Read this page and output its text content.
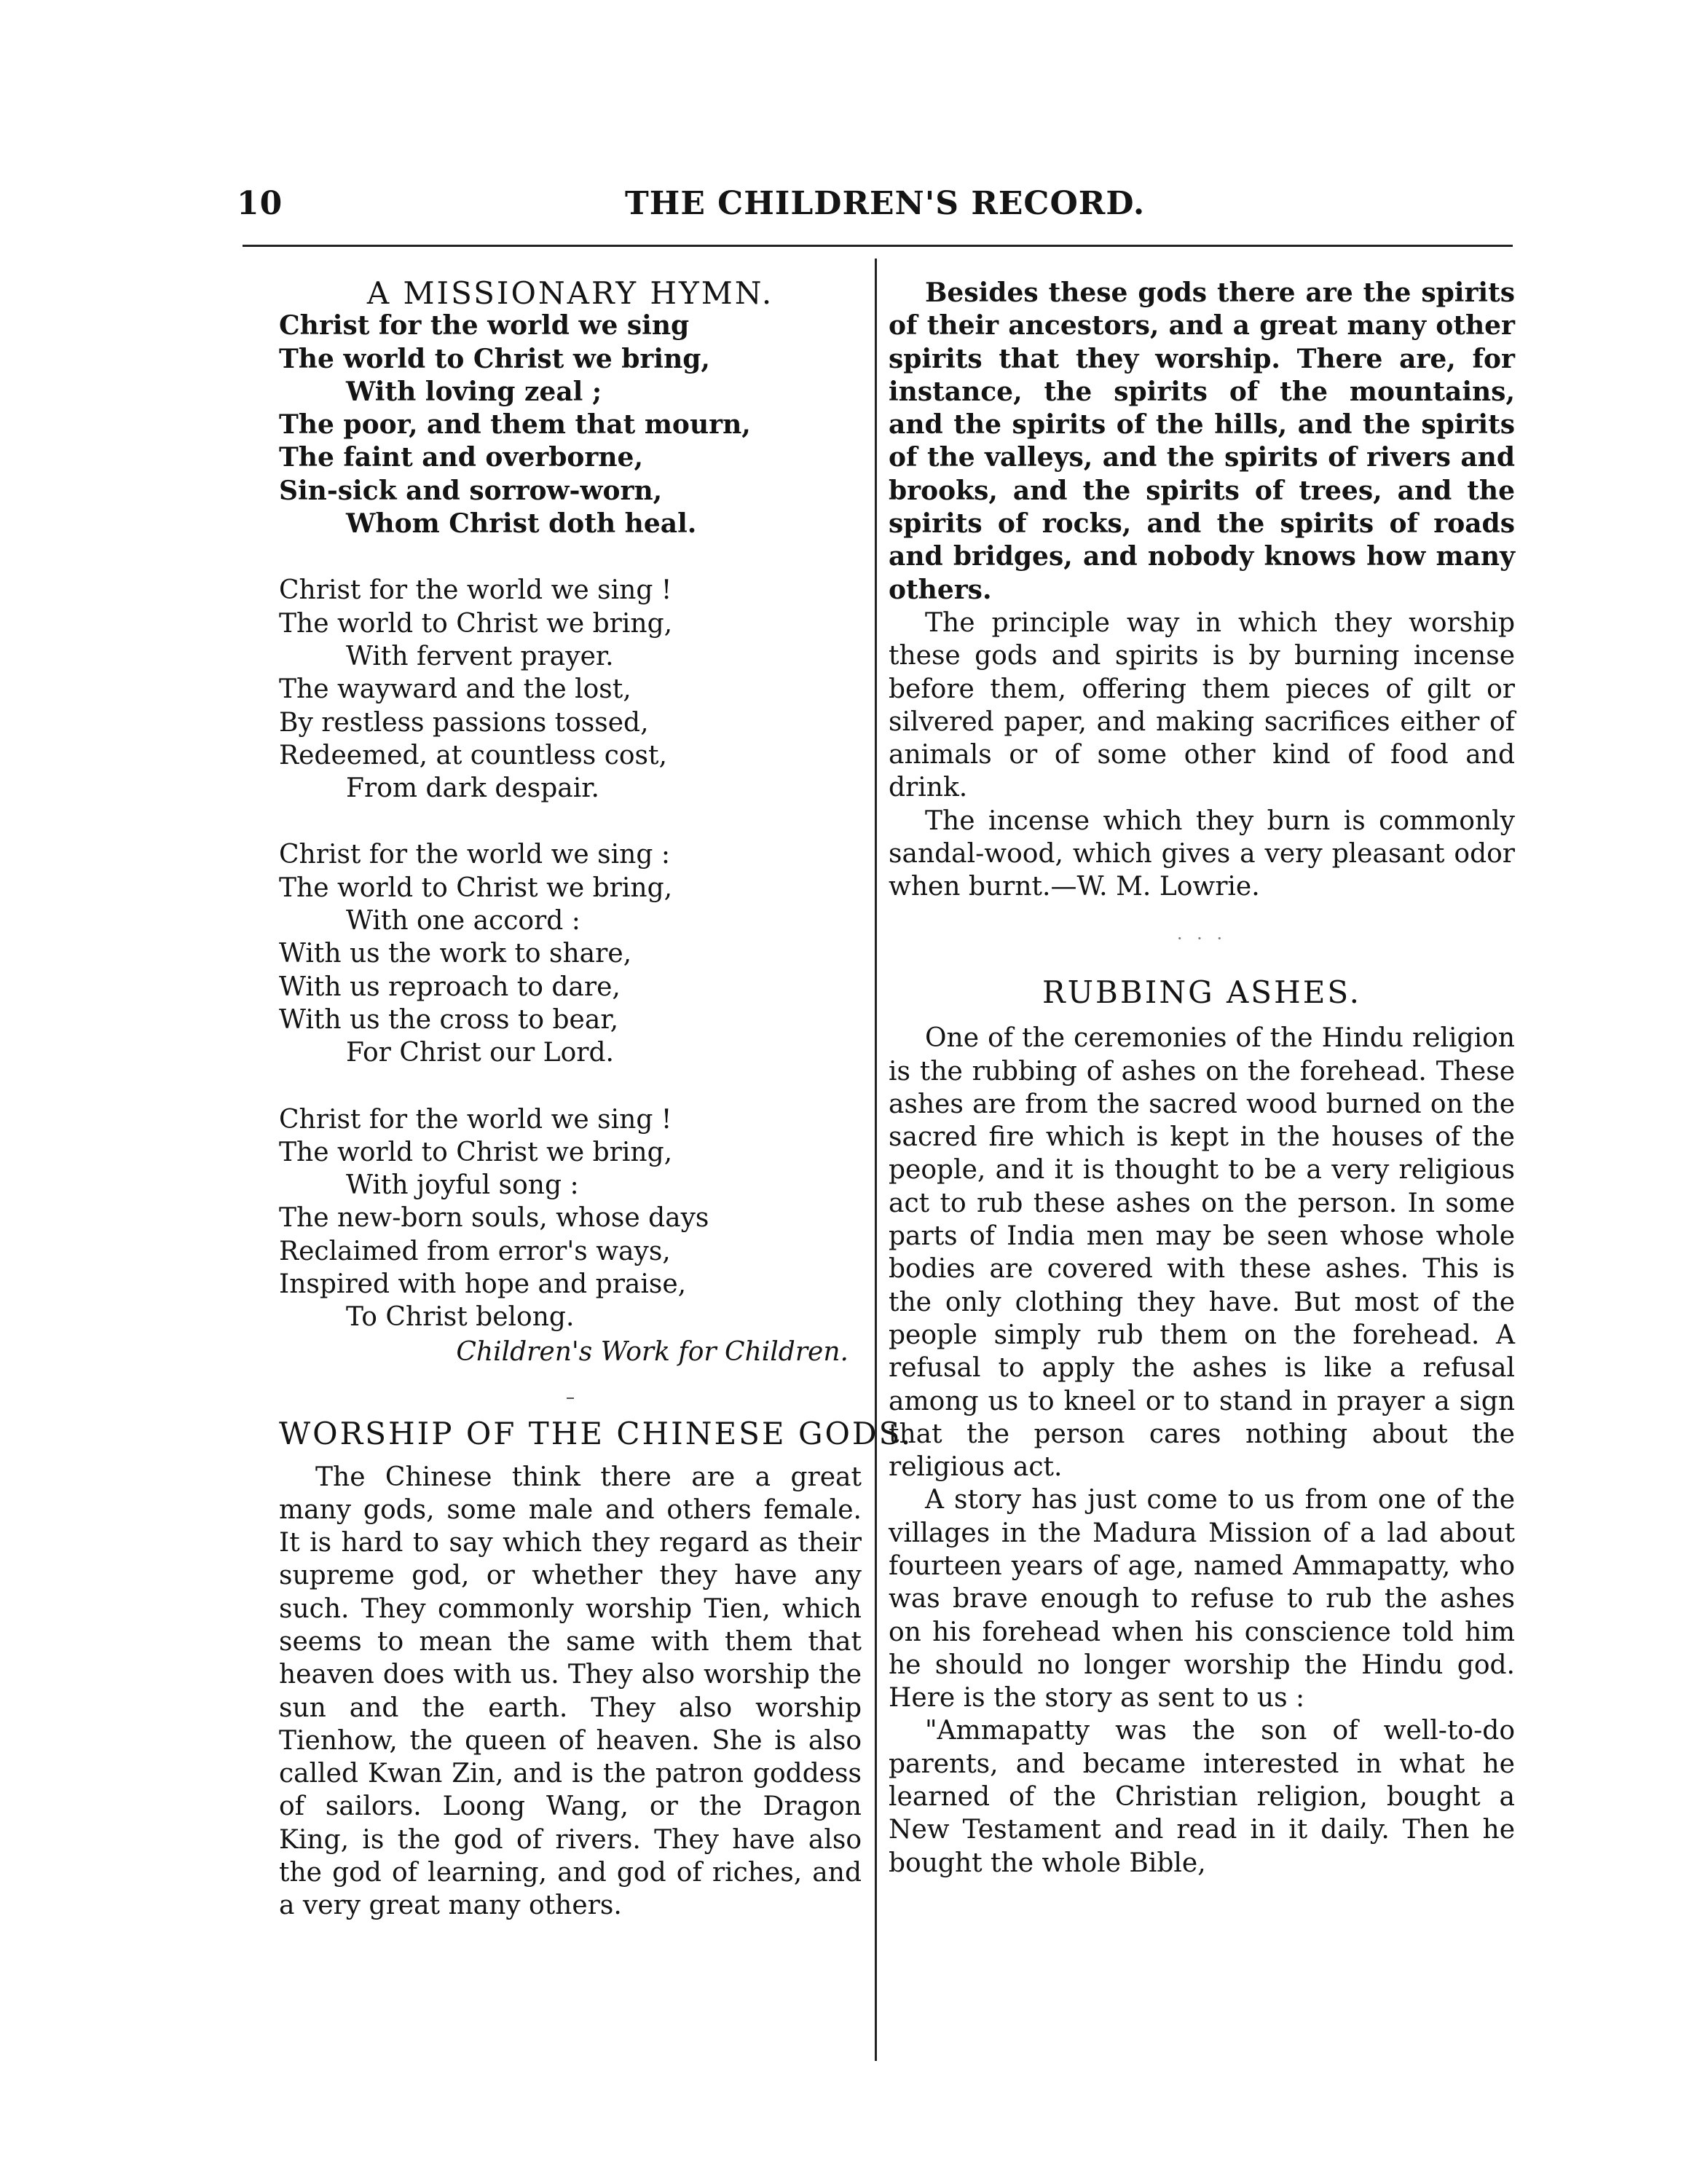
10	THE CHILDREN'S RECORD.
A MISSIONARY HYMN.
Christ for the world we sing
The world to Christ we bring,
With loving zeal ;
The poor, and them that mourn,
The faint and overborne,
Sin-sick and sorrow-worn,
Whom Christ doth heal.
Christ for the world we sing !
The world to Christ we bring,
With fervent prayer.
The wayward and the lost,
By restless passions tossed,
Redeemed, at countless cost,
From dark despair.
Christ for the world we sing :
The world to Christ we bring,
With one accord :
With us the work to share,
With us reproach to dare,
With us the cross to bear,
For Christ our Lord.
Christ for the world we sing !
The world to Christ we bring,
With joyful song :
The new-born souls, whose days
Reclaimed from error's ways,
Inspired with hope and praise,
To Christ belong.
Children's Work for Children.
WORSHIP OF THE CHINESE GODS.

The Chinese think there are a great many gods, some male and others female. It is hard to say which they regard as their supreme god, or whether they have any such. They commonly worship Tien, which seems to mean the same with them that heaven does with us. They also worship the sun and the earth. They also worship Tienhow, the queen of heaven. She is also called Kwan Zin, and is the patron goddess of sailors. Loong Wang, or the Dragon King, is the god of rivers. They have also the god of learning, and god of riches, and a very great many others.

Besides these gods there are the spirits of their ancestors, and a great many other spirits that they worship. There are, for instance, the spirits of the mountains, and the spirits of the hills, and the spirits of the valleys, and the spirits of rivers and brooks, and the spirits of trees, and the spirits of rocks, and the spirits of roads and bridges, and nobody knows how many others.

The principle way in which they worship these gods and spirits is by burning incense before them, offering them pieces of gilt or silvered paper, and making sacrifices either of animals or of some other kind of food and drink.

The incense which they burn is commonly sandal-wood, which gives a very pleasant odor when burnt.—W. M. Lowrie.

· · ·
RUBBING ASHES.

One of the ceremonies of the Hindu religion is the rubbing of ashes on the forehead. These ashes are from the sacred wood burned on the sacred fire which is kept in the houses of the people, and it is thought to be a very religious act to rub these ashes on the person. In some parts of India men may be seen whose whole bodies are covered with these ashes. This is the only clothing they have. But most of the people simply rub them on the forehead. A refusal to apply the ashes is like a refusal among us to kneel or to stand in prayer a sign that the person cares nothing about the religious act.

A story has just come to us from one of the villages in the Madura Mission of a lad about fourteen years of age, named Ammapatty, who was brave enough to refuse to rub the ashes on his forehead when his conscience told him he should no longer worship the Hindu god. Here is the story as sent to us :

"Ammapatty was the son of well-to-do parents, and became interested in what he learned of the Christian religion, bought a New Testament and read in it daily. Then he bought the whole Bible,
